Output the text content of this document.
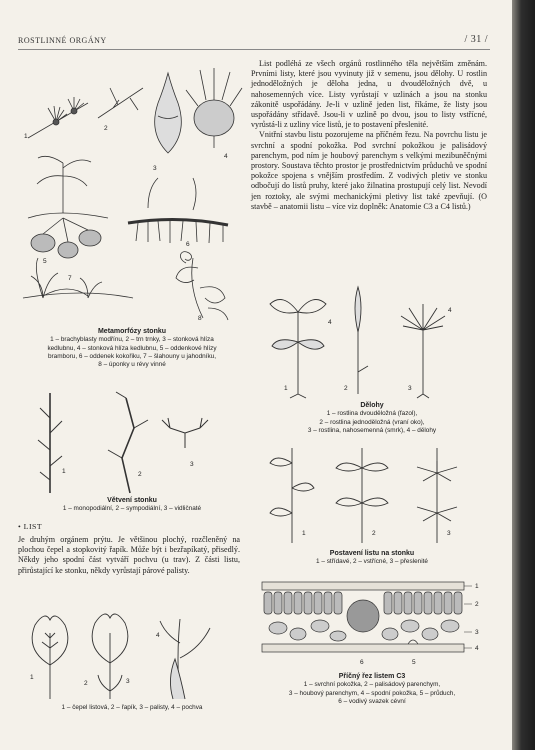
ROSTLINNÉ ORGÁNY	/ 31 /
1
2
3
4
5
6
7
8
Metamorfózy stonku
1 – brachyblasty modřínu, 2 – trn trnky, 3 – stonková hlíza
kedlubnu, 4 – stonková hlíza kedlubnu, 5 – oddenkové hlízy
bramboru, 6 – oddenek kokořiku, 7 – šlahouny u jahodníku,
8 – úponky u révy vinné
1	2
3
Větvení stonku
1 – monopodiální, 2 – sympodiální, 3 – vidličnaté
• LIST
Je druhým orgánem prýtu. Je většinou plochý, rozčleněný na plochou čepel a stopkovitý řapík. Může být i bezřapíkatý, přisedlý. Někdy jeho spodní část vytváří pochvu (u trav). Z části listu, přirůstající ke stonku, někdy vyrůstají párové palisty.
1
2	3
4
1 – čepel listová, 2 – řapík, 3 – palisty, 4 – pochva

List podléhá ze všech orgánů rostlinného těla největším změnám. Prvními listy, které jsou vyvinuty již v semenu, jsou dělohy. U rostlin jednoděložných je děloha jedna, u dvouděložných dvě, u nahosemenných více. Listy vyrůstají v uzlinách a jsou na stonku zákonitě uspořádány. Je-li v uzlině jeden list, říkáme, že listy jsou uspořádány střídavě. Jsou-li v uzlině po dvou, jsou to listy vstřícné, vyrůstá-li z uzliny více listů, je to postavení přeslenité.

Vnitřní stavbu listu pozorujeme na příčném řezu. Na povrchu listu je svrchní a spodní pokožka. Pod svrchní pokožkou je palisádový parenchym, pod ním je houbový parenchym s velkými mezibuněčnými prostory. Soustava těchto prostor je prostřednictvím průduchů ve spodní pokožce spojena s vnějším prostředím. Z vodivých pletiv ve stonku odbočují do listů pruhy, které jako žilnatina prostupují celý list. Nevodí jen roztoky, ale svými mechanickými pletivy list také zpevňují. (O stavbě – anatomii listu – více viz doplněk: Anatomie C3 a C4 listů.)

4
4
1	2	3
Dělohy
1 – rostlina dvouděložná (fazol),
2 – rostlina jednoděložná (vraní oko),
3 – rostlina, nahosemenná (smrk), 4 – dělohy
1	2	3
Postavení listu na stonku
1 – střídavé, 2 – vstřícné, 3 – přeslenité
1
2
3
4
5
6
Příčný řez listem C3
1 – svrchní pokožka, 2 – palisádový parenchym,
3 – houbový parenchym, 4 – spodní pokožka, 5 – průduch,
6 – vodivý svazek cévní
